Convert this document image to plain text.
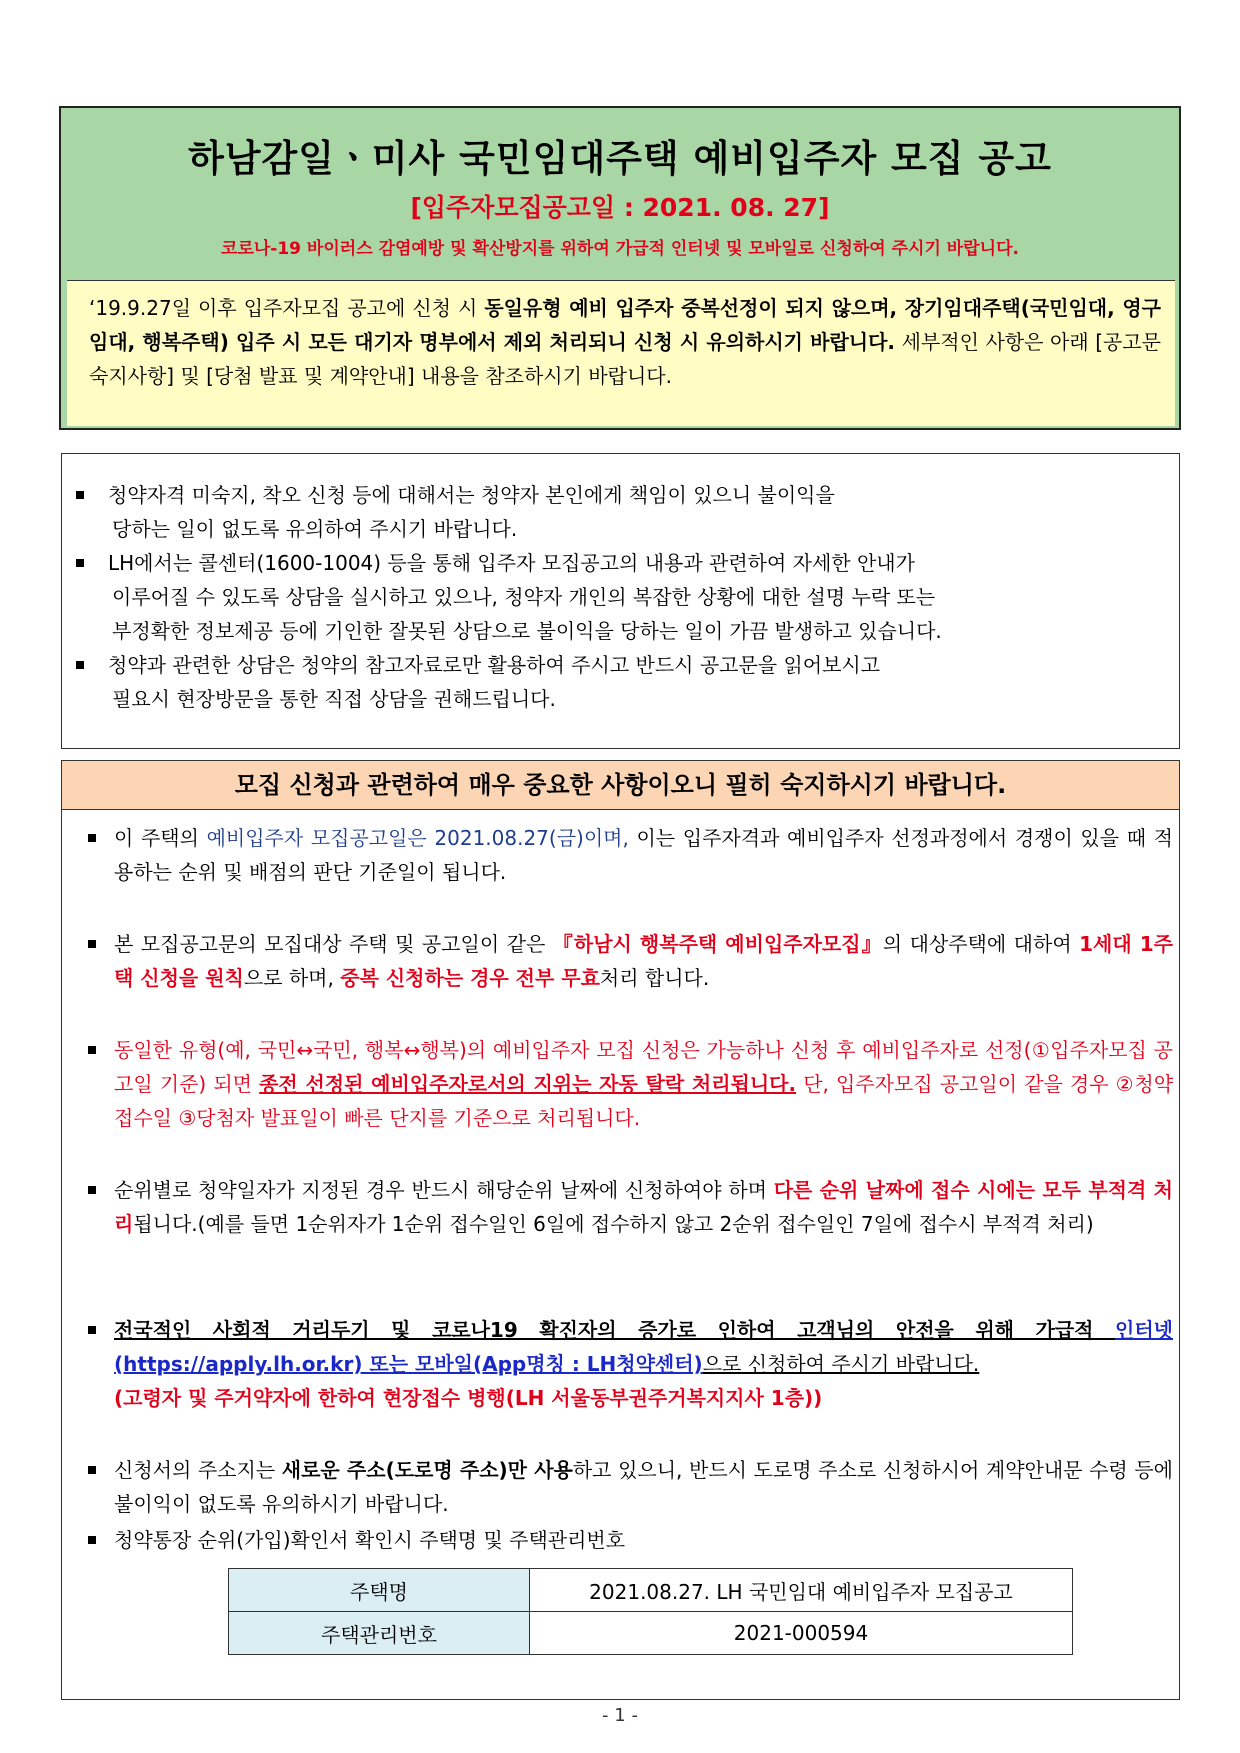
하남감일ㆍ미사 국민임대주택 예비입주자 모집 공고
[입주자모집공고일 : 2021. 08. 27]
코로나-19 바이러스 감염예방 및 확산방지를 위하여 가급적 인터넷 및 모바일로 신청하여 주시기 바랍니다.
‘19.9.27일 이후 입주자모집 공고에 신청 시 동일유형 예비 입주자 중복선정이 되지 않으며, 장기임대주택(국민임대, 영구임대, 행복주택) 입주 시 모든 대기자 명부에서 제외 처리되니 신청 시 유의하시기 바랍니다. 세부적인 사항은 아래 [공고문 숙지사항] 및 [당첨 발표 및 계약안내] 내용을 참조하시기 바랍니다.
청약자격 미숙지, 착오 신청 등에 대해서는 청약자 본인에게 책임이 있으니 불이익을
당하는 일이 없도록 유의하여 주시기 바랍니다.
LH에서는 콜센터(1600-1004) 등을 통해 입주자 모집공고의 내용과 관련하여 자세한 안내가
이루어질 수 있도록 상담을 실시하고 있으나, 청약자 개인의 복잡한 상황에 대한 설명 누락 또는
부정확한 정보제공 등에 기인한 잘못된 상담으로 불이익을 당하는 일이 가끔 발생하고 있습니다.
청약과 관련한 상담은 청약의 참고자료로만 활용하여 주시고 반드시 공고문을 읽어보시고
필요시 현장방문을 통한 직접 상담을 권해드립니다.
모집 신청과 관련하여 매우 중요한 사항이오니 필히 숙지하시기 바랍니다.
이 주택의 예비입주자 모집공고일은 2021.08.27(금)이며, 이는 입주자격과 예비입주자 선정과정에서 경쟁이 있을 때 적용하는 순위 및 배점의 판단 기준일이 됩니다.
본 모집공고문의 모집대상 주택 및 공고일이 같은 『하남시 행복주택 예비입주자모집』의 대상주택에 대하여 1세대 1주택 신청을 원칙으로 하며, 중복 신청하는 경우 전부 무효처리 합니다.
동일한 유형(예, 국민↔국민, 행복↔행복)의 예비입주자 모집 신청은 가능하나 신청 후 예비입주자로 선정(①입주자모집 공고일 기준) 되면 종전 선정된 예비입주자로서의 지위는 자동 탈락 처리됩니다. 단, 입주자모집 공고일이 같을 경우 ②청약 접수일 ③당첨자 발표일이 빠른 단지를 기준으로 처리됩니다.
순위별로 청약일자가 지정된 경우 반드시 해당순위 날짜에 신청하여야 하며 다른 순위 날짜에 접수 시에는 모두 부적격 처리됩니다.(예를 들면 1순위자가 1순위 접수일인 6일에 접수하지 않고 2순위 접수일인 7일에 접수시 부적격 처리)
전국적인 사회적 거리두기 및 코로나19 확진자의 증가로 인하여 고객님의 안전을 위해 가급적 인터넷 (https://apply.lh.or.kr) 또는 모바일(App명칭 : LH청약센터)으로 신청하여 주시기 바랍니다.
(고령자 및 주거약자에 한하여 현장접수 병행(LH 서울동부권주거복지지사 1층))
신청서의 주소지는 새로운 주소(도로명 주소)만 사용하고 있으니, 반드시 도로명 주소로 신청하시어 계약안내문 수령 등에 불이익이 없도록 유의하시기 바랍니다.
청약통장 순위(가입)확인서 확인시 주택명 및 주택관리번호
주택명	2021.08.27. LH 국민임대 예비입주자 모집공고
주택관리번호	2021-000594
- 1 -
